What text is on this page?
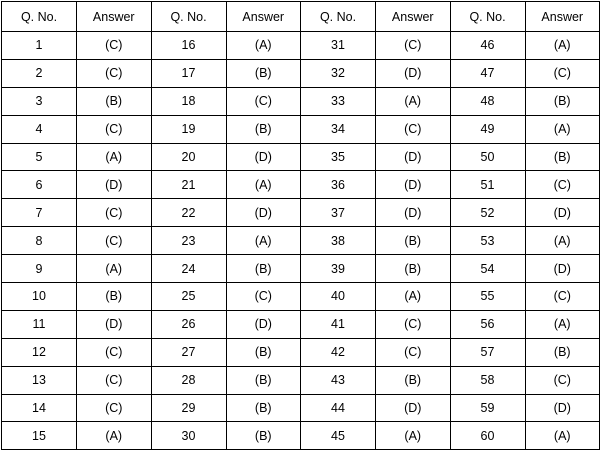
Q. No.	Answer	Q. No.	Answer	Q. No.	Answer	Q. No.	Answer
1	(C)	16	(A)	31	(C)	46	(A)
2	(C)	17	(B)	32	(D)	47	(C)
3	(B)	18	(C)	33	(A)	48	(B)
4	(C)	19	(B)	34	(C)	49	(A)
5	(A)	20	(D)	35	(D)	50	(B)
6	(D)	21	(A)	36	(D)	51	(C)
7	(C)	22	(D)	37	(D)	52	(D)
8	(C)	23	(A)	38	(B)	53	(A)
9	(A)	24	(B)	39	(B)	54	(D)
10	(B)	25	(C)	40	(A)	55	(C)
11	(D)	26	(D)	41	(C)	56	(A)
12	(C)	27	(B)	42	(C)	57	(B)
13	(C)	28	(B)	43	(B)	58	(C)
14	(C)	29	(B)	44	(D)	59	(D)
15	(A)	30	(B)	45	(A)	60	(A)
